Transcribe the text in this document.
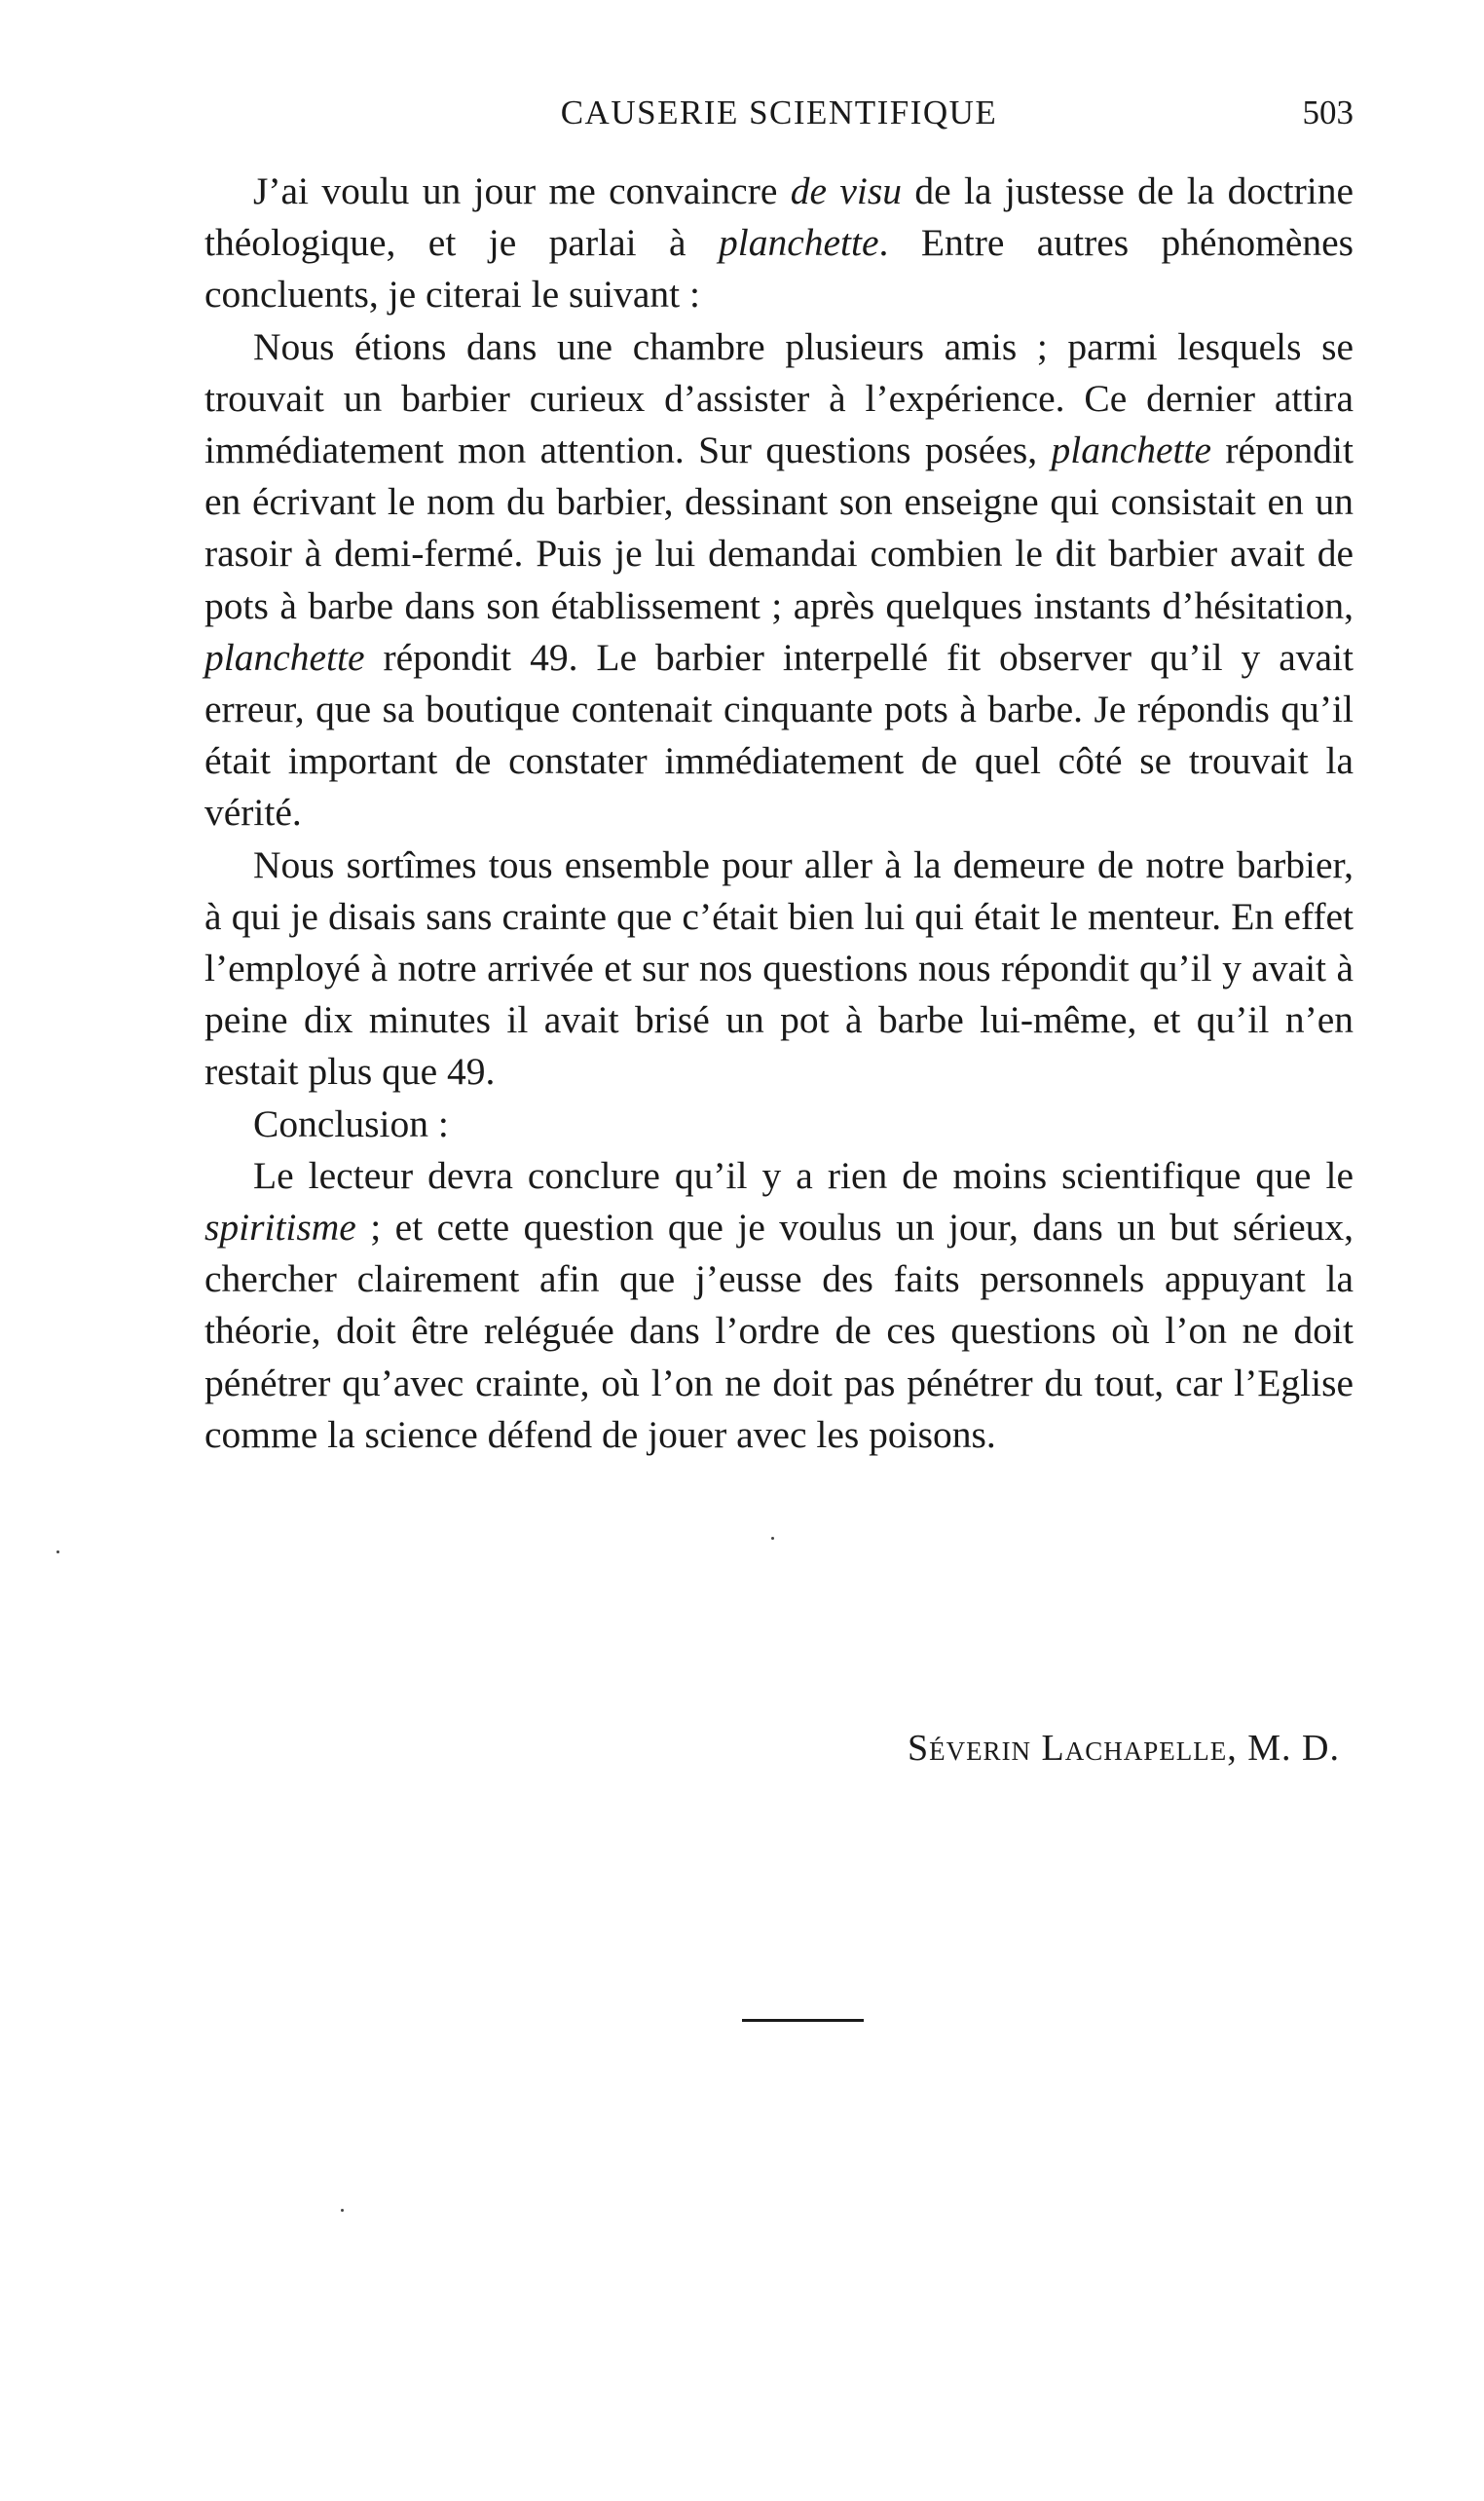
CAUSERIE SCIENTIFIQUE	503

J’ai voulu un jour me convaincre de visu de la justesse de la doctrine théologique, et je parlai à planchette. Entre autres phénomènes concluents, je citerai le suivant :

Nous étions dans une chambre plusieurs amis ; parmi lesquels se trouvait un barbier curieux d’assister à l’expérience. Ce dernier attira immédiatement mon attention. Sur questions posées, planchette répondit en écrivant le nom du barbier, dessinant son enseigne qui consistait en un rasoir à demi-fermé. Puis je lui demandai combien le dit barbier avait de pots à barbe dans son établissement ; après quelques instants d’hésitation, planchette répondit 49. Le barbier interpellé fit observer qu’il y avait erreur, que sa boutique contenait cinquante pots à barbe. Je répondis qu’il était important de constater immédiatement de quel côté se trouvait la vérité.

Nous sortîmes tous ensemble pour aller à la demeure de notre barbier, à qui je disais sans crainte que c’était bien lui qui était le menteur. En effet l’employé à notre arrivée et sur nos questions nous répondit qu’il y avait à peine dix minutes il avait brisé un pot à barbe lui-même, et qu’il n’en restait plus que 49.

Conclusion :

Le lecteur devra conclure qu’il y a rien de moins scientifique que le spiritisme ; et cette question que je voulus un jour, dans un but sérieux, chercher clairement afin que j’eusse des faits personnels appuyant la théorie, doit être reléguée dans l’ordre de ces questions où l’on ne doit pénétrer qu’avec crainte, où l’on ne doit pas pénétrer du tout, car l’Eglise comme la science défend de jouer avec les poisons.

Séverin Lachapelle, M. D.
